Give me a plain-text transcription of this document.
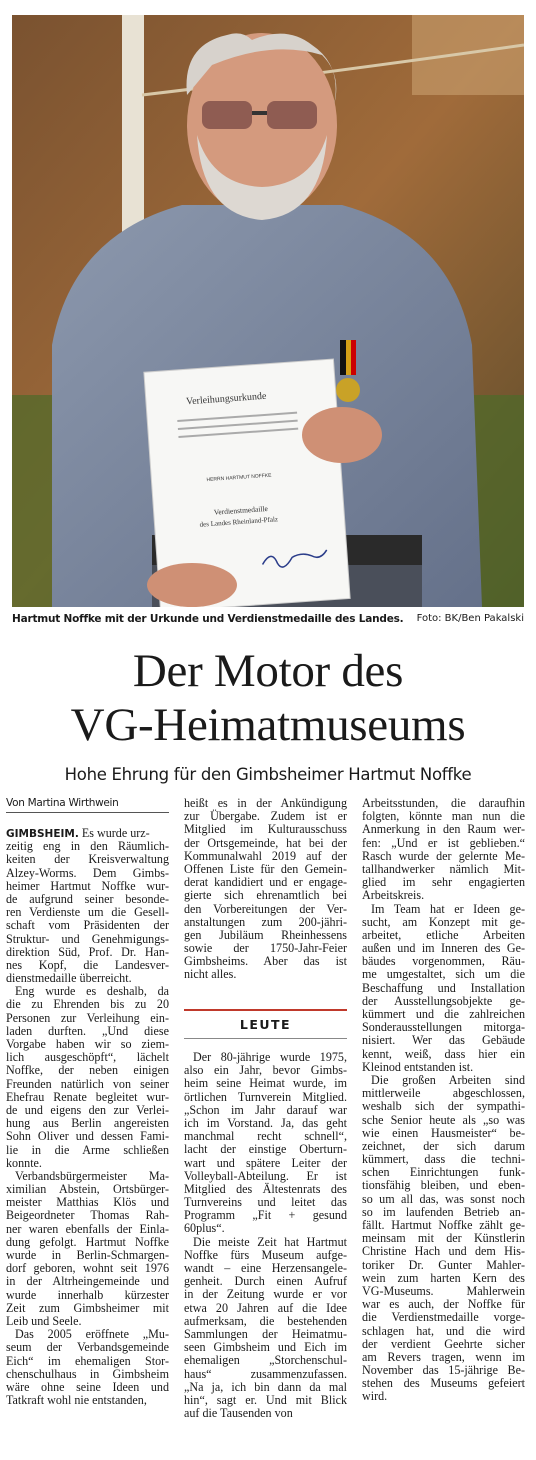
Verleihungsurkunde
HERRN HARTMUT NOFFKE
Verdienstmedaille
des Landes Rheinland-Pfalz
Hartmut Noffke mit der Urkunde und Verdienstmedaille des Landes. Foto: BK/Ben Pakalski
Der Motor des
VG-Heimatmuseums
Hohe Ehrung für den Gimbsheimer Hartmut Noffke
Von Martina Wirthwein
GIMBSHEIM. Es wurde urz-
zeitig eng in den Räumlich-
keiten der Kreisverwaltung
Alzey-Worms. Dem Gimbs-
heimer Hartmut Noffke wur-
de aufgrund seiner besonde-
ren Verdienste um die Gesell-
schaft vom Präsidenten der
Struktur- und Genehmigungs-
direktion Süd, Prof. Dr. Han-
nes Kopf, die Landesver-
dienstmedaille überreicht.
Eng wurde es deshalb, da
die zu Ehrenden bis zu 20
Personen zur Verleihung ein-
laden durften. „Und diese
Vorgabe haben wir so ziem-
lich ausgeschöpft“, lächelt
Noffke, der neben einigen
Freunden natürlich von seiner
Ehefrau Renate begleitet wur-
de und eigens den zur Verlei-
hung aus Berlin angereisten
Sohn Oliver und dessen Fami-
lie in die Arme schließen
konnte.
Verbandsbürgermeister Ma-
ximilian Abstein, Ortsbürger-
meister Matthias Klös und
Beigeordneter Thomas Rah-
ner waren ebenfalls der Einla-
dung gefolgt. Hartmut Noffke
wurde in Berlin-Schmargen-
dorf geboren, wohnt seit 1976
in der Altrheingemeinde und
wurde innerhalb kürzester
Zeit zum Gimbsheimer mit
Leib und Seele.
Das 2005 eröffnete „Mu-
seum der Verbandsgemeinde
Eich“ im ehemaligen Stor-
chenschulhaus in Gimbsheim
wäre ohne seine Ideen und
Tatkraft wohl nie entstanden,
heißt es in der Ankündigung
zur Übergabe. Zudem ist er
Mitglied im Kulturausschuss
der Ortsgemeinde, hat bei der
Kommunalwahl 2019 auf der
Offenen Liste für den Gemein-
derat kandidiert und er engage-
gierte sich ehrenamtlich bei
den Vorbereitungen der Ver-
anstaltungen zum 200-jähri-
gen Jubiläum Rheinhessens
sowie der 1750-Jahr-Feier
Gimbsheims. Aber das ist
nicht alles.
LEUTE
Der 80-jährige wurde 1975,
also ein Jahr, bevor Gimbs-
heim seine Heimat wurde, im
örtlichen Turnverein Mitglied.
„Schon im Jahr darauf war
ich im Vorstand. Ja, das geht
manchmal recht schnell“,
lacht der einstige Oberturn-
wart und spätere Leiter der
Volleyball-Abteilung. Er ist
Mitglied des Ältestenrats des
Turnvereins und leitet das
Programm „Fit + gesund
60plus“.
Die meiste Zeit hat Hartmut
Noffke fürs Museum aufge-
wandt – eine Herzensangele-
genheit. Durch einen Aufruf
in der Zeitung wurde er vor
etwa 20 Jahren auf die Idee
aufmerksam, die bestehenden
Sammlungen der Heimatmu-
seen Gimbsheim und Eich im
ehemaligen „Storchenschul-
haus“ zusammenzufassen.
„Na ja, ich bin dann da mal
hin“, sagt er. Und mit Blick
auf die Tausenden von
Arbeitsstunden, die daraufhin
folgten, könnte man nun die
Anmerkung in den Raum wer-
fen: „Und er ist geblieben.“
Rasch wurde der gelernte Me-
tallhandwerker nämlich Mit-
glied im sehr engagierten
Arbeitskreis.
Im Team hat er Ideen ge-
sucht, am Konzept mit ge-
arbeitet, etliche Arbeiten
außen und im Inneren des Ge-
bäudes vorgenommen, Räu-
me umgestaltet, sich um die
Beschaffung und Installation
der Ausstellungsobjekte ge-
kümmert und die zahlreichen
Sonderausstellungen mitorga-
nisiert. Wer das Gebäude
kennt, weiß, dass hier ein
Kleinod entstanden ist.
Die großen Arbeiten sind
mittlerweile abgeschlossen,
weshalb sich der sympathi-
sche Senior heute als „so was
wie einen Hausmeister“ be-
zeichnet, der sich darum
kümmert, dass die techni-
schen Einrichtungen funk-
tionsfähig bleiben, und eben-
so um all das, was sonst noch
so im laufenden Betrieb an-
fällt. Hartmut Noffke zählt ge-
meinsam mit der Künstlerin
Christine Hach und dem His-
toriker Dr. Gunter Mahler-
wein zum harten Kern des
VG-Museums. Mahlerwein
war es auch, der Noffke für
die Verdienstmedaille vorge-
schlagen hat, und die wird
der verdient Geehrte sicher
am Revers tragen, wenn im
November das 15-jährige Be-
stehen des Museums gefeiert
wird.
